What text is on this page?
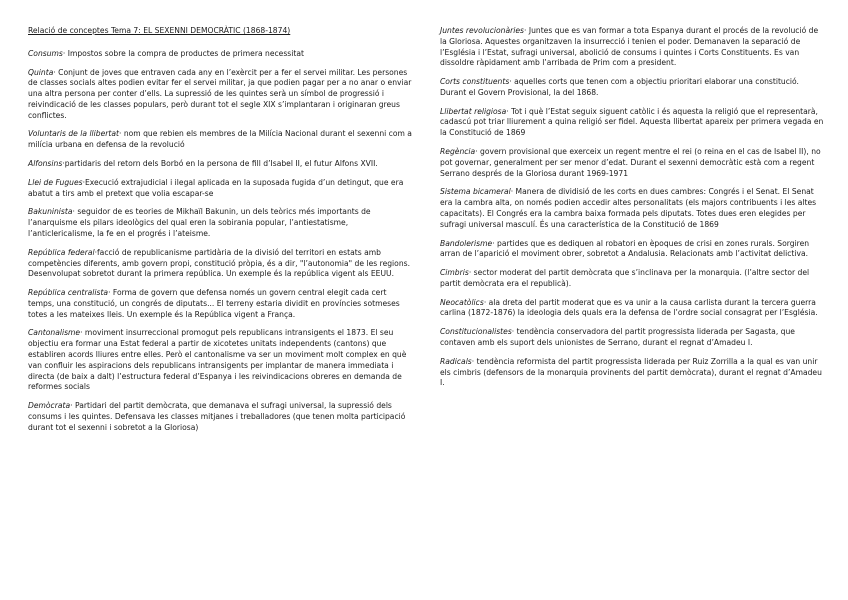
Relació de conceptes Tema 7: EL SEXENNI DEMOCRÀTIC (1868-1874)

Consums· Impostos sobre la compra de productes de primera necessitat

Quinta· Conjunt de joves que entraven cada any en l’exèrcit per a fer el servei militar. Les persones de classes socials altes podien evitar fer el servei militar, ja que podien pagar per a no anar o enviar una altra persona per conter d’ells. La supressió de les quintes serà un símbol de progressió i reivindicació de les classes populars, però durant tot el segle XIX s’implantaran i originaran greus conflictes.

Voluntaris de la llibertat· nom que rebien els membres de la Milícia Nacional durant el sexenni com a milícia urbana en defensa de la revolució

Alfonsins·partidaris del retorn dels Borbó en la persona de fill d’Isabel II, el futur Alfons XVII.

Llei de Fugues·Execució extrajudicial i ilegal aplicada en la suposada fugida d’un detingut, que era abatut a tirs amb el pretext que volia escapar-se

Bakuninista· seguidor de es teories de Mikhaïl Bakunin, un dels teòrics més importants de l’anarquisme els pilars ideològics del qual eren la sobirania popular, l’antiestatisme, l’anticlericalisme, la fe en el progrés i l’ateisme.

República federal·facció de republicanisme partidària de la divisió del territori en estats amb competències diferents, amb govern propi, constitució pròpia, és a dir, "l’autonomia" de les regions. Desenvolupat sobretot durant la primera república. Un exemple és la república vigent als EEUU.

República centralista· Forma de govern que defensa només un govern central elegit cada cert temps, una constitució, un congrés de diputats... El terreny estaria dividit en províncies sotmeses totes a les mateixes lleis. Un exemple és la República vigent a França.

Cantonalisme· moviment insurreccional promogut pels republicans intransigents el 1873. El seu objectiu era formar una Estat federal a partir de xicotetes unitats independents (cantons) que establiren acords lliures entre elles. Però el cantonalisme va ser un moviment molt complex en què van confluir les aspiracions dels republicans intransigents per implantar de manera immediata i directa (de baix a dalt) l’estructura federal d’Espanya i les reivindicacions obreres en demanda de reformes socials

Demòcrata· Partidari del partit demòcrata, que demanava el sufragi universal, la supressió dels consums i les quintes. Defensava les classes mitjanes i treballadores (que tenen molta participació durant tot el sexenni i sobretot a la Gloriosa)

Juntes revolucionàries· Juntes que es van formar a tota Espanya durant el procés de la revolució de la Gloriosa. Aquestes organitzaven la insurrecció i tenien el poder. Demanaven la separació de l’Església i l’Estat, sufragi universal, abolició de consums i quintes i Corts Constituents. Es van dissoldre ràpidament amb l’arribada de Prim com a president.

Corts constituents· aquelles corts que tenen com a objectiu prioritari elaborar una constitució. Durant el Govern Provisional, la del 1868.

Llibertat religiosa· Tot i què l’Estat seguix siguent catòlic i és aquesta la religió que el representarà, cadascú pot triar lliurement a quina religió ser fidel. Aquesta llibertat apareix per primera vegada en la Constitució de 1869

Regència· govern provisional que exerceix un regent mentre el rei (o reina en el cas de Isabel II), no pot governar, generalment per ser menor d’edat. Durant el sexenni democràtic està com a regent Serrano després de la Gloriosa durant 1969-1971

Sistema bicameral· Manera de dividisió de les corts en dues cambres: Congrés i el Senat. El Senat era la cambra alta, on només podien accedir altes personalitats (els majors contribuents i les altes capacitats). El Congrés era la cambra baixa formada pels diputats. Totes dues eren elegides per sufragi universal masculí. És una característica de la Constitució de 1869

Bandolerisme· partides que es dediquen al robatori en èpoques de crisi en zones rurals. Sorgiren arran de l’aparició el moviment obrer, sobretot a Andalusia. Relacionats amb l’activitat delictiva.

Cimbris· sector moderat del partit demòcrata que s’inclinava per la monarquia. (l’altre sector del partit demòcrata era el republicà).

Neocatòlics· ala dreta del partit moderat que es va unir a la causa carlista durant la tercera guerra carlina (1872-1876) la ideologia dels quals era la defensa de l’ordre social consagrat per l’Església.

Constitucionalistes· tendència conservadora del partit progressista liderada per Sagasta, que contaven amb els suport dels unionistes de Serrano, durant el regnat d’Amadeu I.

Radicals· tendència reformista del partit progressista liderada per Ruiz Zorrilla a la qual es van unir els cimbris (defensors de la monarquia provinents del partit demòcrata), durant el regnat d’Amadeu I.
